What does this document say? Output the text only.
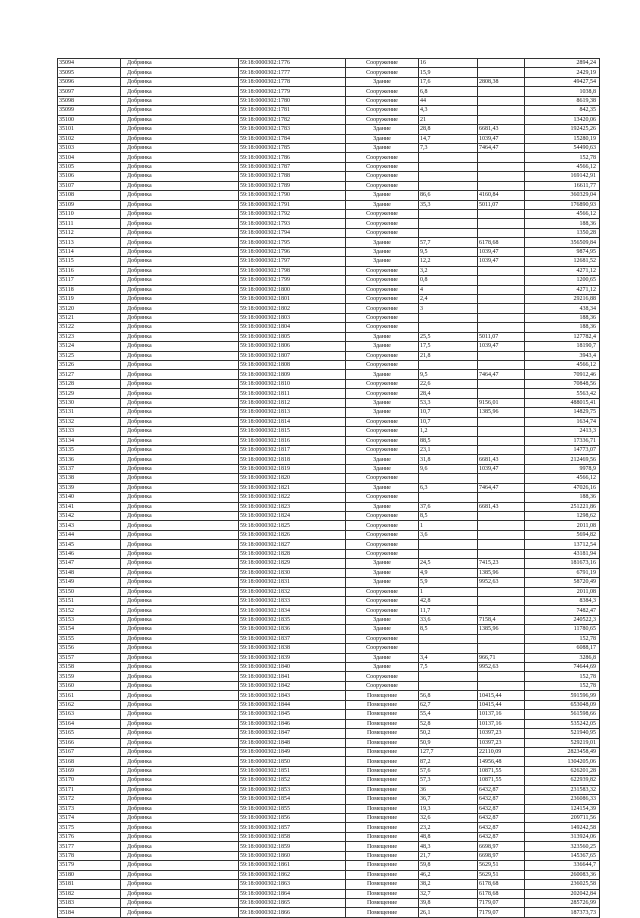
35094	Добрянка	59:18:0000302:1776	Сооружение	16		2894,24
35095	Добрянка	59:18:0000302:1777	Сооружение	15,9		2429,19
35096	Добрянка	59:18:0000302:1778	Здание	17,6	2808,38	49427,54
35097	Добрянка	59:18:0000302:1779	Сооружение	6,8		1038,8
35098	Добрянка	59:18:0000302:1780	Сооружение	44		8619,38
35099	Добрянка	59:18:0000302:1781	Сооружение	4,3		842,35
35100	Добрянка	59:18:0000302:1782	Сооружение	21		13420,06
35101	Добрянка	59:18:0000302:1783	Здание	28,8	6681,43	192425,26
35102	Добрянка	59:18:0000302:1784	Здание	14,7	1039,47	15280,19
35103	Добрянка	59:18:0000302:1785	Здание	7,3	7464,47	54490,63
35104	Добрянка	59:18:0000302:1786	Сооружение			152,78
35105	Добрянка	59:18:0000302:1787	Сооружение			4566,12
35106	Добрянка	59:18:0000302:1788	Сооружение			169142,91
35107	Добрянка	59:18:0000302:1789	Сооружение			16611,77
35108	Добрянка	59:18:0000302:1790	Здание	86,6	4160,84	360329,04
35109	Добрянка	59:18:0000302:1791	Здание	35,3	5011,07	176890,93
35110	Добрянка	59:18:0000302:1792	Сооружение			4566,12
35111	Добрянка	59:18:0000302:1793	Сооружение			188,36
35112	Добрянка	59:18:0000302:1794	Сооружение			1350,28
35113	Добрянка	59:18:0000302:1795	Здание	57,7	6178,68	356509,84
35114	Добрянка	59:18:0000302:1796	Здание	9,5	1039,47	9874,95
35115	Добрянка	59:18:0000302:1797	Здание	12,2	1039,47	12681,52
35116	Добрянка	59:18:0000302:1798	Сооружение	3,2		4271,12
35117	Добрянка	59:18:0000302:1799	Сооружение	0,8		1200,65
35118	Добрянка	59:18:0000302:1800	Сооружение	4		4271,12
35119	Добрянка	59:18:0000302:1801	Сооружение	2,4		29216,88
35120	Добрянка	59:18:0000302:1802	Сооружение	3		438,34
35121	Добрянка	59:18:0000302:1803	Сооружение			188,36
35122	Добрянка	59:18:0000302:1804	Сооружение			188,36
35123	Добрянка	59:18:0000302:1805	Здание	25,5	5011,07	127782,4
35124	Добрянка	59:18:0000302:1806	Здание	17,5	1039,47	18190,7
35125	Добрянка	59:18:0000302:1807	Сооружение	21,8		3943,4
35126	Добрянка	59:18:0000302:1808	Сооружение			4566,12
35127	Добрянка	59:18:0000302:1809	Здание	9,5	7464,47	70912,46
35128	Добрянка	59:18:0000302:1810	Сооружение	22,6		70848,56
35129	Добрянка	59:18:0000302:1811	Сооружение	28,4		5563,42
35130	Добрянка	59:18:0000302:1812	Здание	53,3	9156,01	488015,41
35131	Добрянка	59:18:0000302:1813	Здание	10,7	1385,96	14829,75
35132	Добрянка	59:18:0000302:1814	Сооружение	10,7		1634,74
35133	Добрянка	59:18:0000302:1815	Сооружение	1,2		2413,3
35134	Добрянка	59:18:0000302:1816	Сооружение	88,5		17336,71
35135	Добрянка	59:18:0000302:1817	Сооружение	23,1		14773,07
35136	Добрянка	59:18:0000302:1818	Здание	31,8	6681,43	212469,56
35137	Добрянка	59:18:0000302:1819	Здание	9,6	1039,47	9978,9
35138	Добрянка	59:18:0000302:1820	Сооружение			4566,12
35139	Добрянка	59:18:0000302:1821	Здание	6,3	7464,47	47026,16
35140	Добрянка	59:18:0000302:1822	Сооружение			188,36
35141	Добрянка	59:18:0000302:1823	Здание	37,6	6681,43	251221,86
35142	Добрянка	59:18:0000302:1824	Сооружение	8,5		1298,62
35143	Добрянка	59:18:0000302:1825	Сооружение	1		2011,08
35144	Добрянка	59:18:0000302:1826	Сооружение	3,6		5694,82
35145	Добрянка	59:18:0000302:1827	Сооружение			13712,54
35146	Добрянка	59:18:0000302:1828	Сооружение			43181,94
35147	Добрянка	59:18:0000302:1829	Здание	24,5	7415,23	181673,16
35148	Добрянка	59:18:0000302:1830	Здание	4,9	1385,96	6791,19
35149	Добрянка	59:18:0000302:1831	Здание	5,9	9952,63	58720,49
35150	Добрянка	59:18:0000302:1832	Сооружение	1		2011,08
35151	Добрянка	59:18:0000302:1833	Сооружение	42,8		8384,3
35152	Добрянка	59:18:0000302:1834	Сооружение	11,7		7482,47
35153	Добрянка	59:18:0000302:1835	Здание	33,6	7158,4	240522,3
35154	Добрянка	59:18:0000302:1836	Здание	8,5	1385,96	11780,65
35155	Добрянка	59:18:0000302:1837	Сооружение			152,78
35156	Добрянка	59:18:0000302:1838	Сооружение			6088,17
35157	Добрянка	59:18:0000302:1839	Здание	3,4	966,71	3286,8
35158	Добрянка	59:18:0000302:1840	Здание	7,5	9952,63	74644,69
35159	Добрянка	59:18:0000302:1841	Сооружение			152,78
35160	Добрянка	59:18:0000302:1842	Сооружение			152,78
35161	Добрянка	59:18:0000302:1843	Помещение	56,8	10415,44	591596,99
35162	Добрянка	59:18:0000302:1844	Помещение	62,7	10415,44	653048,09
35163	Добрянка	59:18:0000302:1845	Помещение	55,4	10137,16	561598,66
35164	Добрянка	59:18:0000302:1846	Помещение	52,8	10137,16	535242,05
35165	Добрянка	59:18:0000302:1847	Помещение	50,2	10397,23	521940,95
35166	Добрянка	59:18:0000302:1848	Помещение	50,9	10397,23	529219,01
35167	Добрянка	59:18:0000302:1849	Помещение	127,7	22110,09	2823458,49
35168	Добрянка	59:18:0000302:1850	Помещение	87,2	14956,48	1304205,06
35169	Добрянка	59:18:0000302:1851	Помещение	57,6	10871,55	626201,28
35170	Добрянка	59:18:0000302:1852	Помещение	57,3	10871,55	622939,82
35171	Добрянка	59:18:0000302:1853	Помещение	36	6432,87	231583,32
35172	Добрянка	59:18:0000302:1854	Помещение	36,7	6432,87	236086,33
35173	Добрянка	59:18:0000302:1855	Помещение	19,3	6432,87	124154,39
35174	Добрянка	59:18:0000302:1856	Помещение	32,6	6432,87	209711,56
35175	Добрянка	59:18:0000302:1857	Помещение	23,2	6432,87	149242,58
35176	Добрянка	59:18:0000302:1858	Помещение	48,8	6432,87	313924,06
35177	Добрянка	59:18:0000302:1859	Помещение	48,3	6698,97	323560,25
35178	Добрянка	59:18:0000302:1860	Помещение	21,7	6698,97	145367,65
35179	Добрянка	59:18:0000302:1861	Помещение	59,8	5629,51	336644,7
35180	Добрянка	59:18:0000302:1862	Помещение	46,2	5629,51	260083,36
35181	Добрянка	59:18:0000302:1863	Помещение	38,2	6178,68	236025,58
35182	Добрянка	59:18:0000302:1864	Помещение	32,7	6178,68	202042,84
35183	Добрянка	59:18:0000302:1865	Помещение	39,8	7179,07	285726,99
35184	Добрянка	59:18:0000302:1866	Помещение	26,1	7179,07	187373,73
